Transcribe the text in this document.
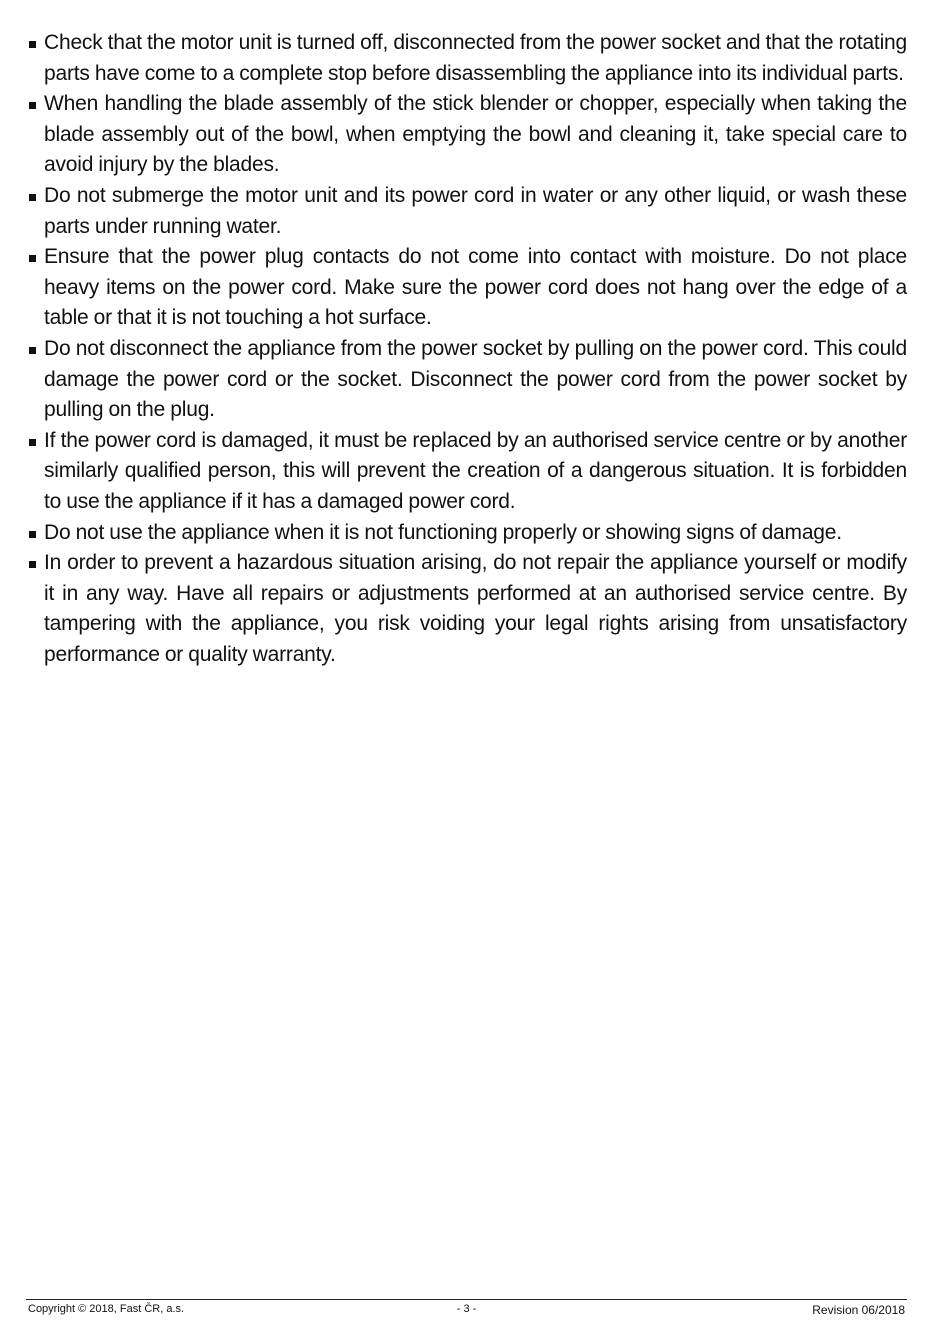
Check that the motor unit is turned off, disconnected from the power socket and that the rotating parts have come to a complete stop before disassembling the appliance into its individual parts.
When handling the blade assembly of the stick blender or chopper, especially when taking the blade assembly out of the bowl, when emptying the bowl and cleaning it, take special care to avoid injury by the blades.
Do not submerge the motor unit and its power cord in water or any other liquid, or wash these parts under running water.
Ensure that the power plug contacts do not come into contact with moisture. Do not place heavy items on the power cord. Make sure the power cord does not hang over the edge of a table or that it is not touching a hot surface.
Do not disconnect the appliance from the power socket by pulling on the power cord. This could damage the power cord or the socket. Disconnect the power cord from the power socket by pulling on the plug.
If the power cord is damaged, it must be replaced by an authorised service centre or by another similarly qualified person, this will prevent the creation of a dangerous situation. It is forbidden to use the appliance if it has a damaged power cord.
Do not use the appliance when it is not functioning properly or showing signs of damage.
In order to prevent a hazardous situation arising, do not repair the appliance yourself or modify it in any way. Have all repairs or adjustments performed at an authorised service centre. By tampering with the appliance, you risk voiding your legal rights arising from unsatisfactory performance or quality warranty.
Copyright © 2018, Fast ČR, a.s.	- 3 -	Revision 06/2018
